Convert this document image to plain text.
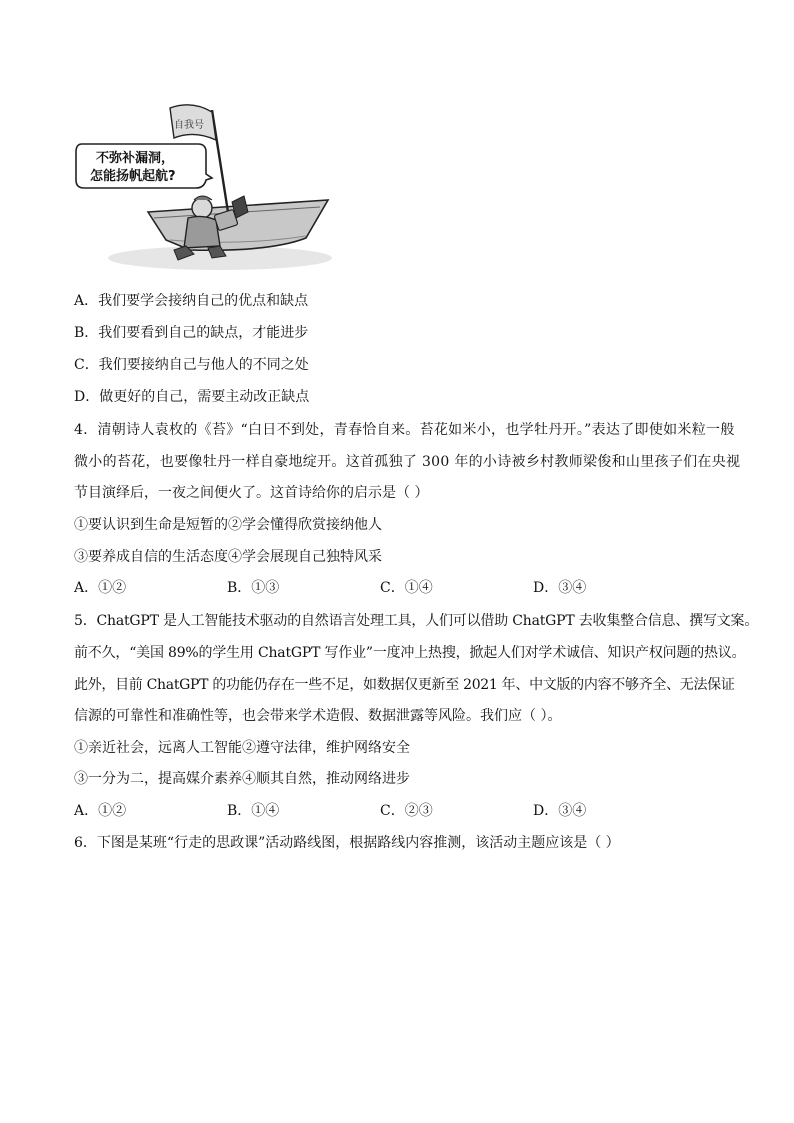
自我号
不弥补漏洞，
怎能扬帆起航?
A．我们要学会接纳自己的优点和缺点
B．我们要看到自己的缺点，才能进步
C．我们要接纳自己与他人的不同之处
D．做更好的自己，需要主动改正缺点
4．清朝诗人袁枚的《苔》“白日不到处，青春恰自来。苔花如米小，也学牡丹开。”表达了即使如米粒一般
微小的苔花，也要像牡丹一样自豪地绽开。这首孤独了 300 年的小诗被乡村教师梁俊和山里孩子们在央视
节目演绎后，一夜之间便火了。这首诗给你的启示是（ ）
①要认识到生命是短暂的②学会懂得欣赏接纳他人
③要养成自信的生活态度④学会展现自己独特风采
A．①②	B．①③	C．①④	D．③④
5．ChatGPT 是人工智能技术驱动的自然语言处理工具，人们可以借助 ChatGPT 去收集整合信息、撰写文案。
前不久，“美国 89%的学生用 ChatGPT 写作业”一度冲上热搜，掀起人们对学术诚信、知识产权问题的热议。
此外，目前 ChatGPT 的功能仍存在一些不足，如数据仅更新至 2021 年、中文版的内容不够齐全、无法保证
信源的可靠性和准确性等，也会带来学术造假、数据泄露等风险。我们应（ ）。
①亲近社会，远离人工智能②遵守法律，维护网络安全
③一分为二，提高媒介素养④顺其自然，推动网络进步
A．①②	B．①④	C．②③	D．③④
6．下图是某班“行走的思政课”活动路线图，根据路线内容推测，该活动主题应该是（ ）
